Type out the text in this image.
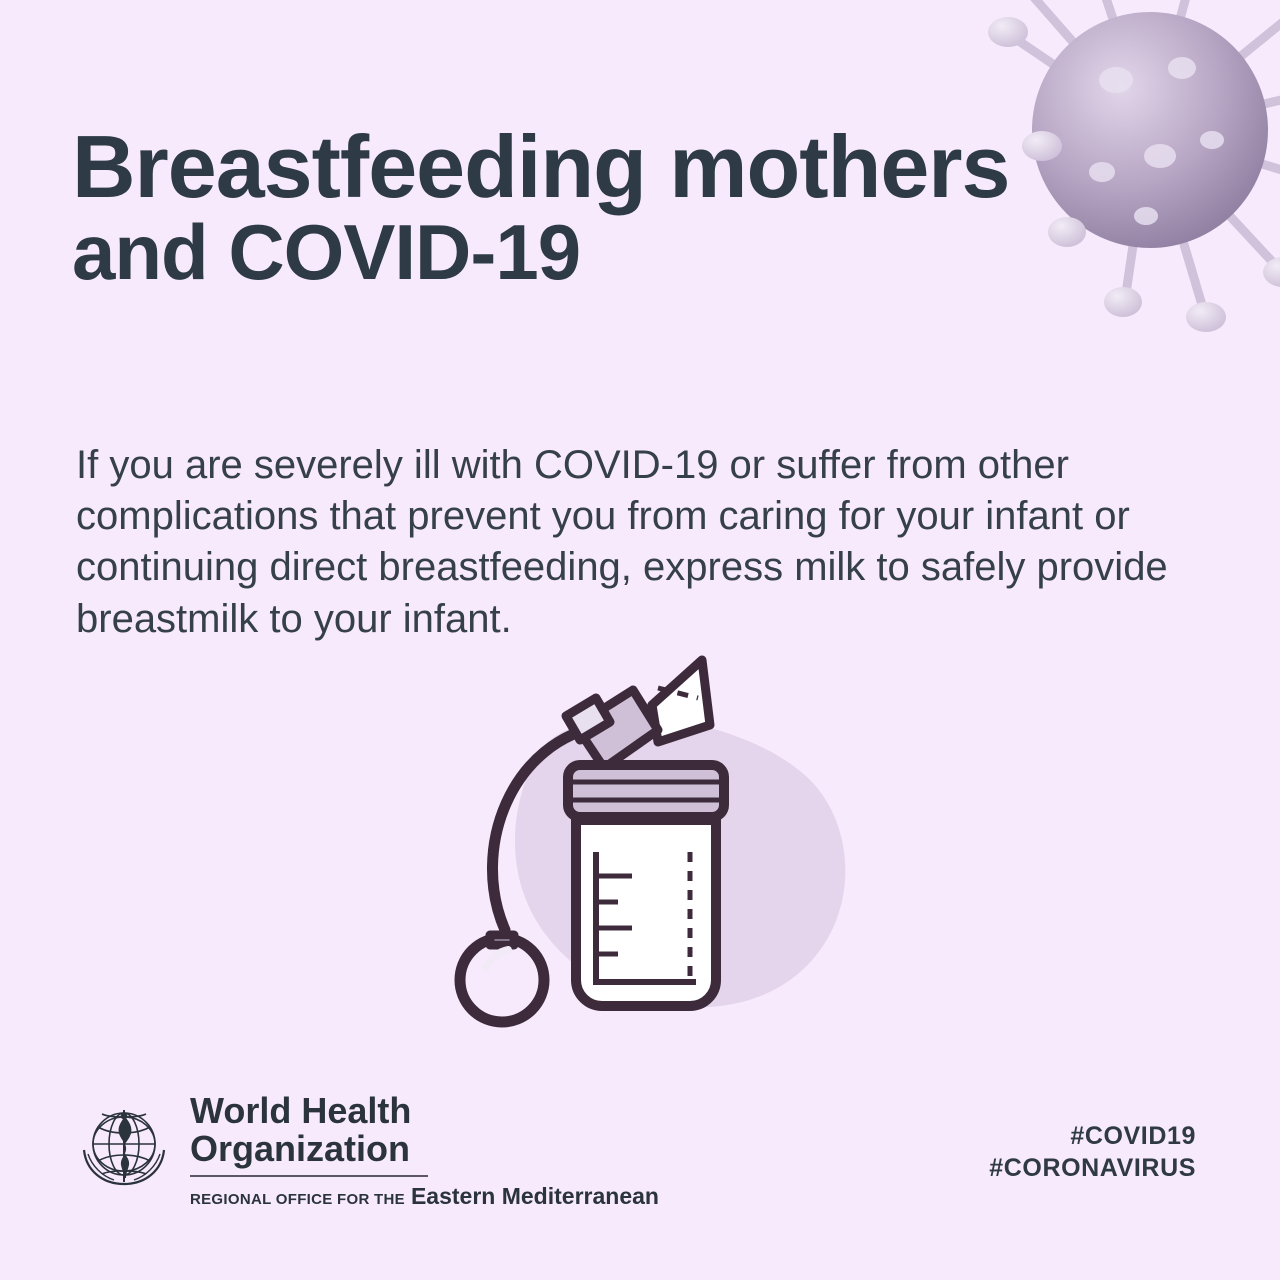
Breastfeeding mothers
and COVID-19

If you are severely ill with COVID-19 or suffer from other complications that prevent you from caring for your infant or continuing direct breastfeeding, express milk to safely provide breastmilk to your infant.

World Health
Organization
REGIONAL OFFICE FOR THE Eastern Mediterranean
#COVID19
#CORONAVIRUS
